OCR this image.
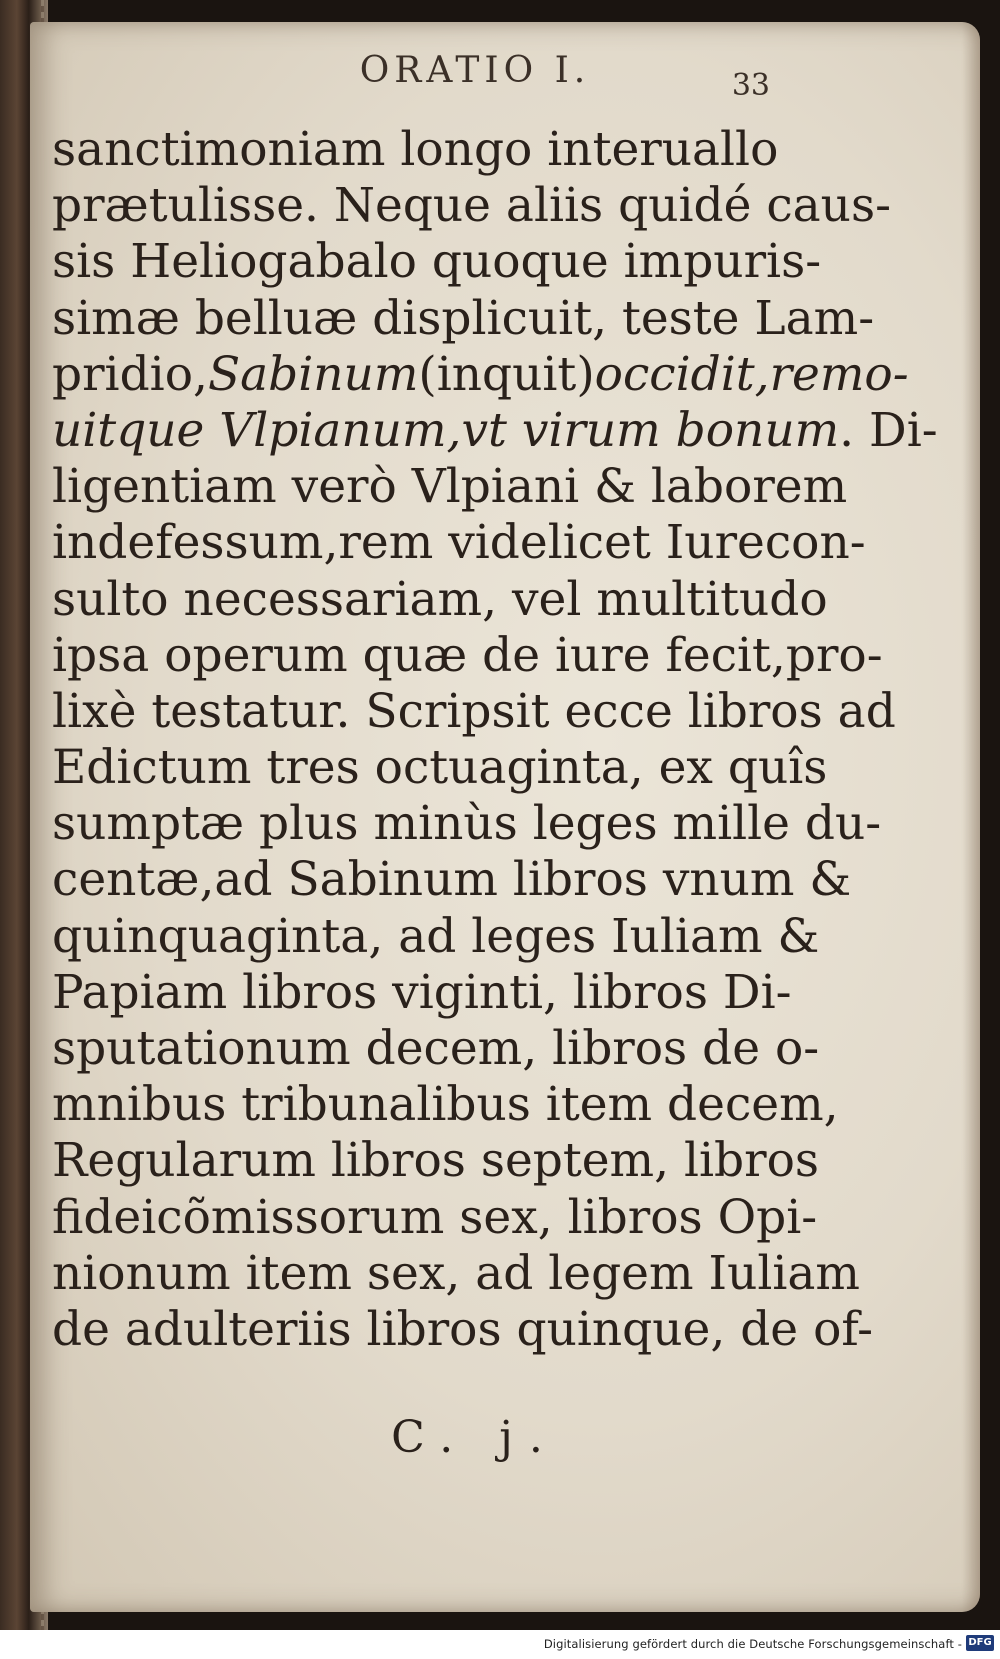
ORATIO I.	33
sanctimoniam longo interuallo
prætulisse. Neque aliis quidé caus-
sis Heliogabalo quoque impuris-
simæ belluæ displicuit, teste Lam-
pridio,Sabinum(inquit)occidit,remo-
uitque Vlpianum,vt virum bonum. Di-
ligentiam verò Vlpiani & laborem
indefessum,rem videlicet Iurecon-
sulto necessariam, vel multitudo
ipsa operum quæ de iure fecit,pro-
lixè testatur. Scripsit ecce libros ad
Edictum tres octuaginta, ex quîs
sumptæ plus minùs leges mille du-
centæ,ad Sabinum libros vnum &
quinquaginta, ad leges Iuliam &
Papiam libros viginti, libros Di-
sputationum decem, libros de o-
mnibus tribunalibus item decem,
Regularum libros septem, libros
fideicõmissorum sex, libros Opi-
nionum item sex, ad legem Iuliam
de adulteriis libros quinque, de of-
C. j.
Digitalisierung gefördert durch die Deutsche Forschungsgemeinschaft - DFG
